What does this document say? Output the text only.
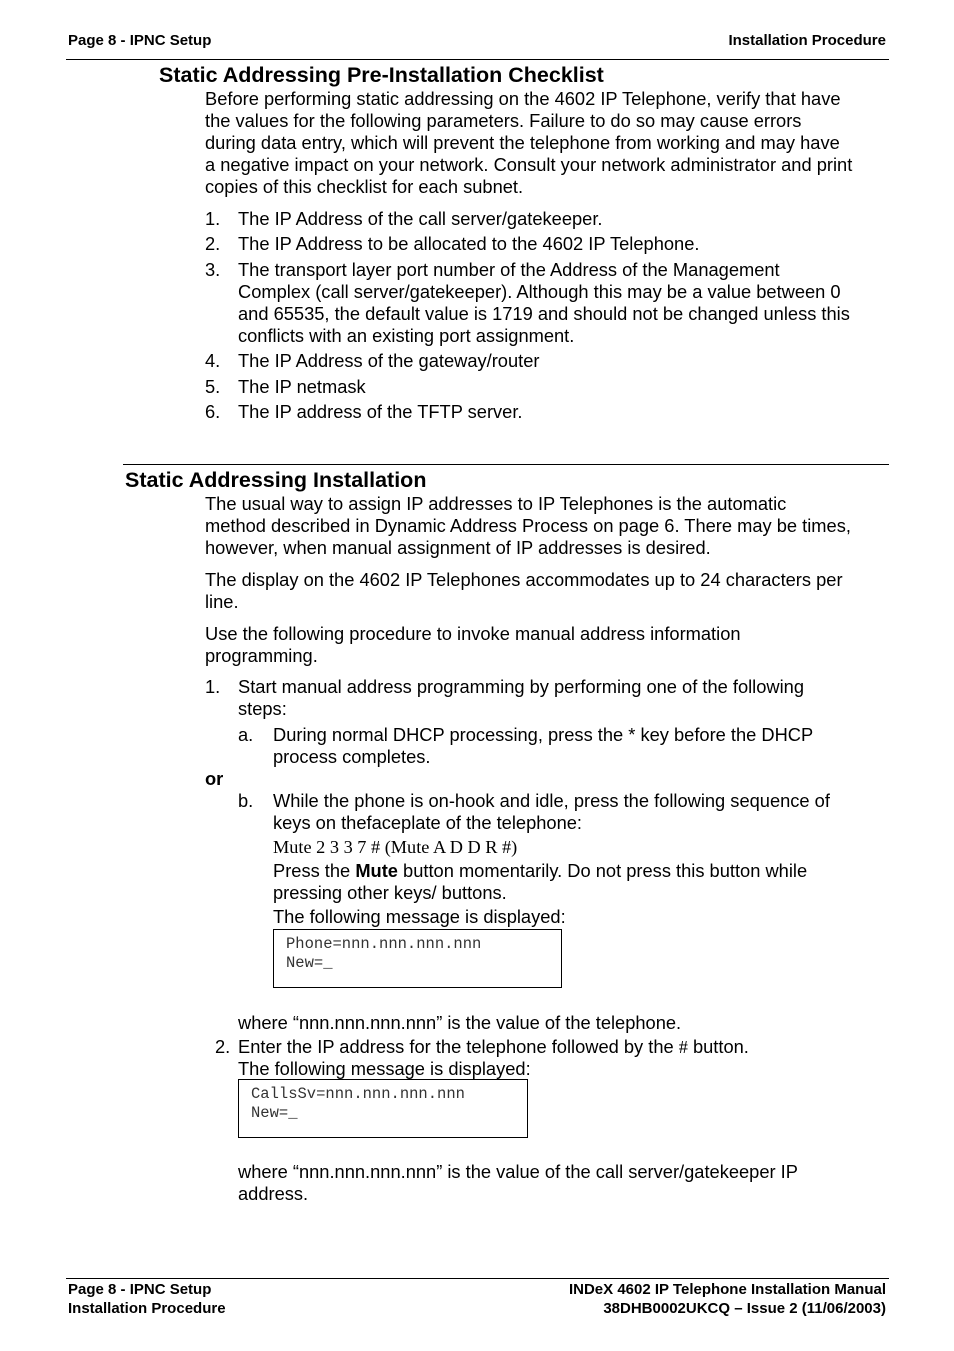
Page 8 - IPNC Setup	Installation Procedure
Static Addressing Pre-Installation Checklist
Before performing static addressing on the 4602 IP Telephone, verify that have
the values for the following parameters. Failure to do so may cause errors
during data entry, which will prevent the telephone from working and may have
a negative impact on your network. Consult your network administrator and print
copies of this checklist for each subnet.
1. The IP Address of the call server/gatekeeper.
2. The IP Address to be allocated to the 4602 IP Telephone.
3. The transport layer port number of the Address of the Management
Complex (call server/gatekeeper). Although this may be a value between 0
and 65535, the default value is 1719 and should not be changed unless this
conflicts with an existing port assignment.
4. The IP Address of the gateway/router
5. The IP netmask
6. The IP address of the TFTP server.
Static Addressing Installation
The usual way to assign IP addresses to IP Telephones is the automatic
method described in Dynamic Address Process on page 6. There may be times,
however, when manual assignment of IP addresses is desired.
The display on the 4602 IP Telephones accommodates up to 24 characters per
line.
Use the following procedure to invoke manual address information
programming.
1. Start manual address programming by performing one of the following
steps:
a. During normal DHCP processing, press the * key before the DHCP
process completes.
or
b. While the phone is on-hook and idle, press the following sequence of
keys on thefaceplate of the telephone:
Mute 2 3 3 7 # (Mute A D D R #)
Press the Mute button momentarily. Do not press this button while
pressing other keys/ buttons.
The following message is displayed:
Phone=nnn.nnn.nnn.nnn
New=_
where “nnn.nnn.nnn.nnn” is the value of the telephone.
2. Enter the IP address for the telephone followed by the # button.
The following message is displayed:
CallsSv=nnn.nnn.nnn.nnn
New=_
where “nnn.nnn.nnn.nnn” is the value of the call server/gatekeeper IP
address.
Page 8 - IPNC Setup
Installation Procedure
INDeX 4602 IP Telephone Installation Manual
38DHB0002UKCQ – Issue 2 (11/06/2003)
